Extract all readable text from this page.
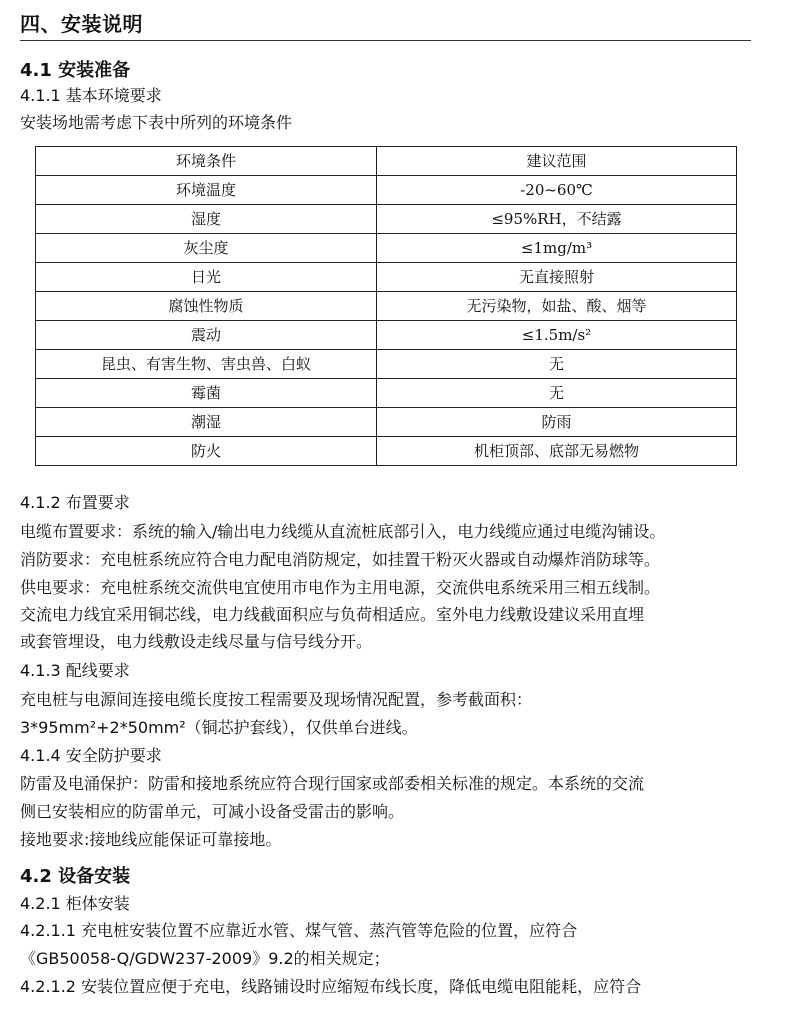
四、安装说明
4.1 安装准备
4.1.1 基本环境要求
安装场地需考虑下表中所列的环境条件
环境条件	建议范围
环境温度	-20~60℃
湿度	≤95%RH，不结露
灰尘度	≤1mg/m³
日光	无直接照射
腐蚀性物质	无污染物，如盐、酸、烟等
震动	≤1.5m/s²
昆虫、有害生物、害虫兽、白蚁	无
霉菌	无
潮湿	防雨
防火	机柜顶部、底部无易燃物
4.1.2 布置要求
电缆布置要求：系统的输入/输出电力线缆从直流桩底部引入，电力线缆应通过电缆沟铺设。
消防要求：充电桩系统应符合电力配电消防规定，如挂置干粉灭火器或自动爆炸消防球等。
供电要求：充电桩系统交流供电宜使用市电作为主用电源，交流供电系统采用三相五线制。
交流电力线宜采用铜芯线，电力线截面积应与负荷相适应。室外电力线敷设建议采用直埋
或套管埋设，电力线敷设走线尽量与信号线分开。
4.1.3 配线要求
充电桩与电源间连接电缆长度按工程需要及现场情况配置，参考截面积：
3*95mm²+2*50mm²（铜芯护套线），仅供单台进线。
4.1.4 安全防护要求
防雷及电涌保护：防雷和接地系统应符合现行国家或部委相关标准的规定。本系统的交流
侧已安装相应的防雷单元，可减小设备受雷击的影响。
接地要求:接地线应能保证可靠接地。
4.2 设备安装
4.2.1 柜体安装
4.2.1.1 充电桩安装位置不应靠近水管、煤气管、蒸汽管等危险的位置，应符合
《GB50058-Q/GDW237-2009》9.2的相关规定；
4.2.1.2 安装位置应便于充电，线路铺设时应缩短布线长度，降低电缆电阻能耗，应符合
